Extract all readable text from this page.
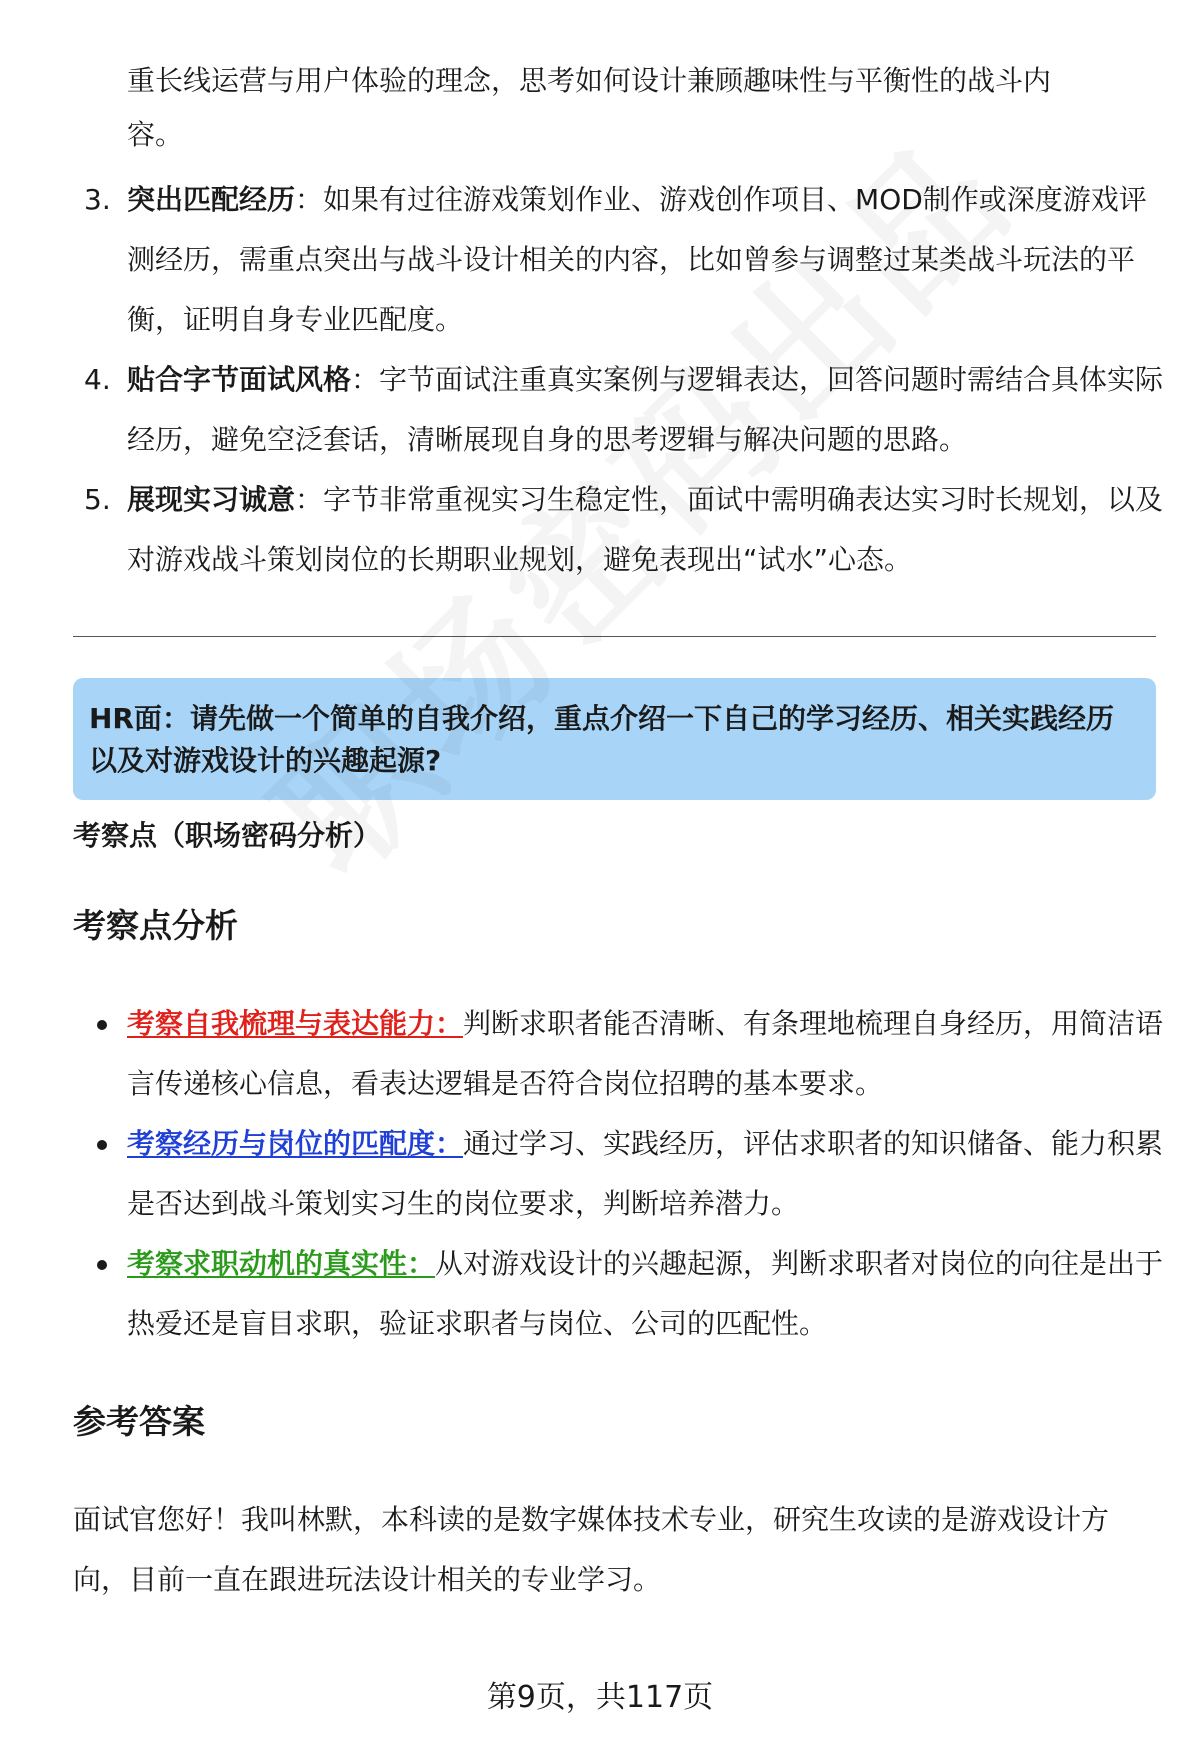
重长线运营与用户体验的理念，思考如何设计兼顾趣味性与平衡性的战斗内
容。
3. 突出匹配经历：如果有过往游戏策划作业、游戏创作项目、MOD制作或深度游戏评测经历，需重点突出与战斗设计相关的内容，比如曾参与调整过某类战斗玩法的平衡，证明自身专业匹配度。
4. 贴合字节面试风格：字节面试注重真实案例与逻辑表达，回答问题时需结合具体实际经历，避免空泛套话，清晰展现自身的思考逻辑与解决问题的思路。
5. 展现实习诚意：字节非常重视实习生稳定性，面试中需明确表达实习时长规划，以及对游戏战斗策划岗位的长期职业规划，避免表现出“试水”心态。
HR面：请先做一个简单的自我介绍，重点介绍一下自己的学习经历、相关实践经历以及对游戏设计的兴趣起源?
考察点（职场密码分析）
考察点分析
考察自我梳理与表达能力：判断求职者能否清晰、有条理地梳理自身经历，用简洁语言传递核心信息，看表达逻辑是否符合岗位招聘的基本要求。
考察经历与岗位的匹配度：通过学习、实践经历，评估求职者的知识储备、能力积累是否达到战斗策划实习生的岗位要求，判断培养潜力。
考察求职动机的真实性：从对游戏设计的兴趣起源，判断求职者对岗位的向往是出于热爱还是盲目求职，验证求职者与岗位、公司的匹配性。
参考答案
面试官您好！我叫林默，本科读的是数字媒体技术专业，研究生攻读的是游戏设计方向，目前一直在跟进玩法设计相关的专业学习。
第9页，共117页
